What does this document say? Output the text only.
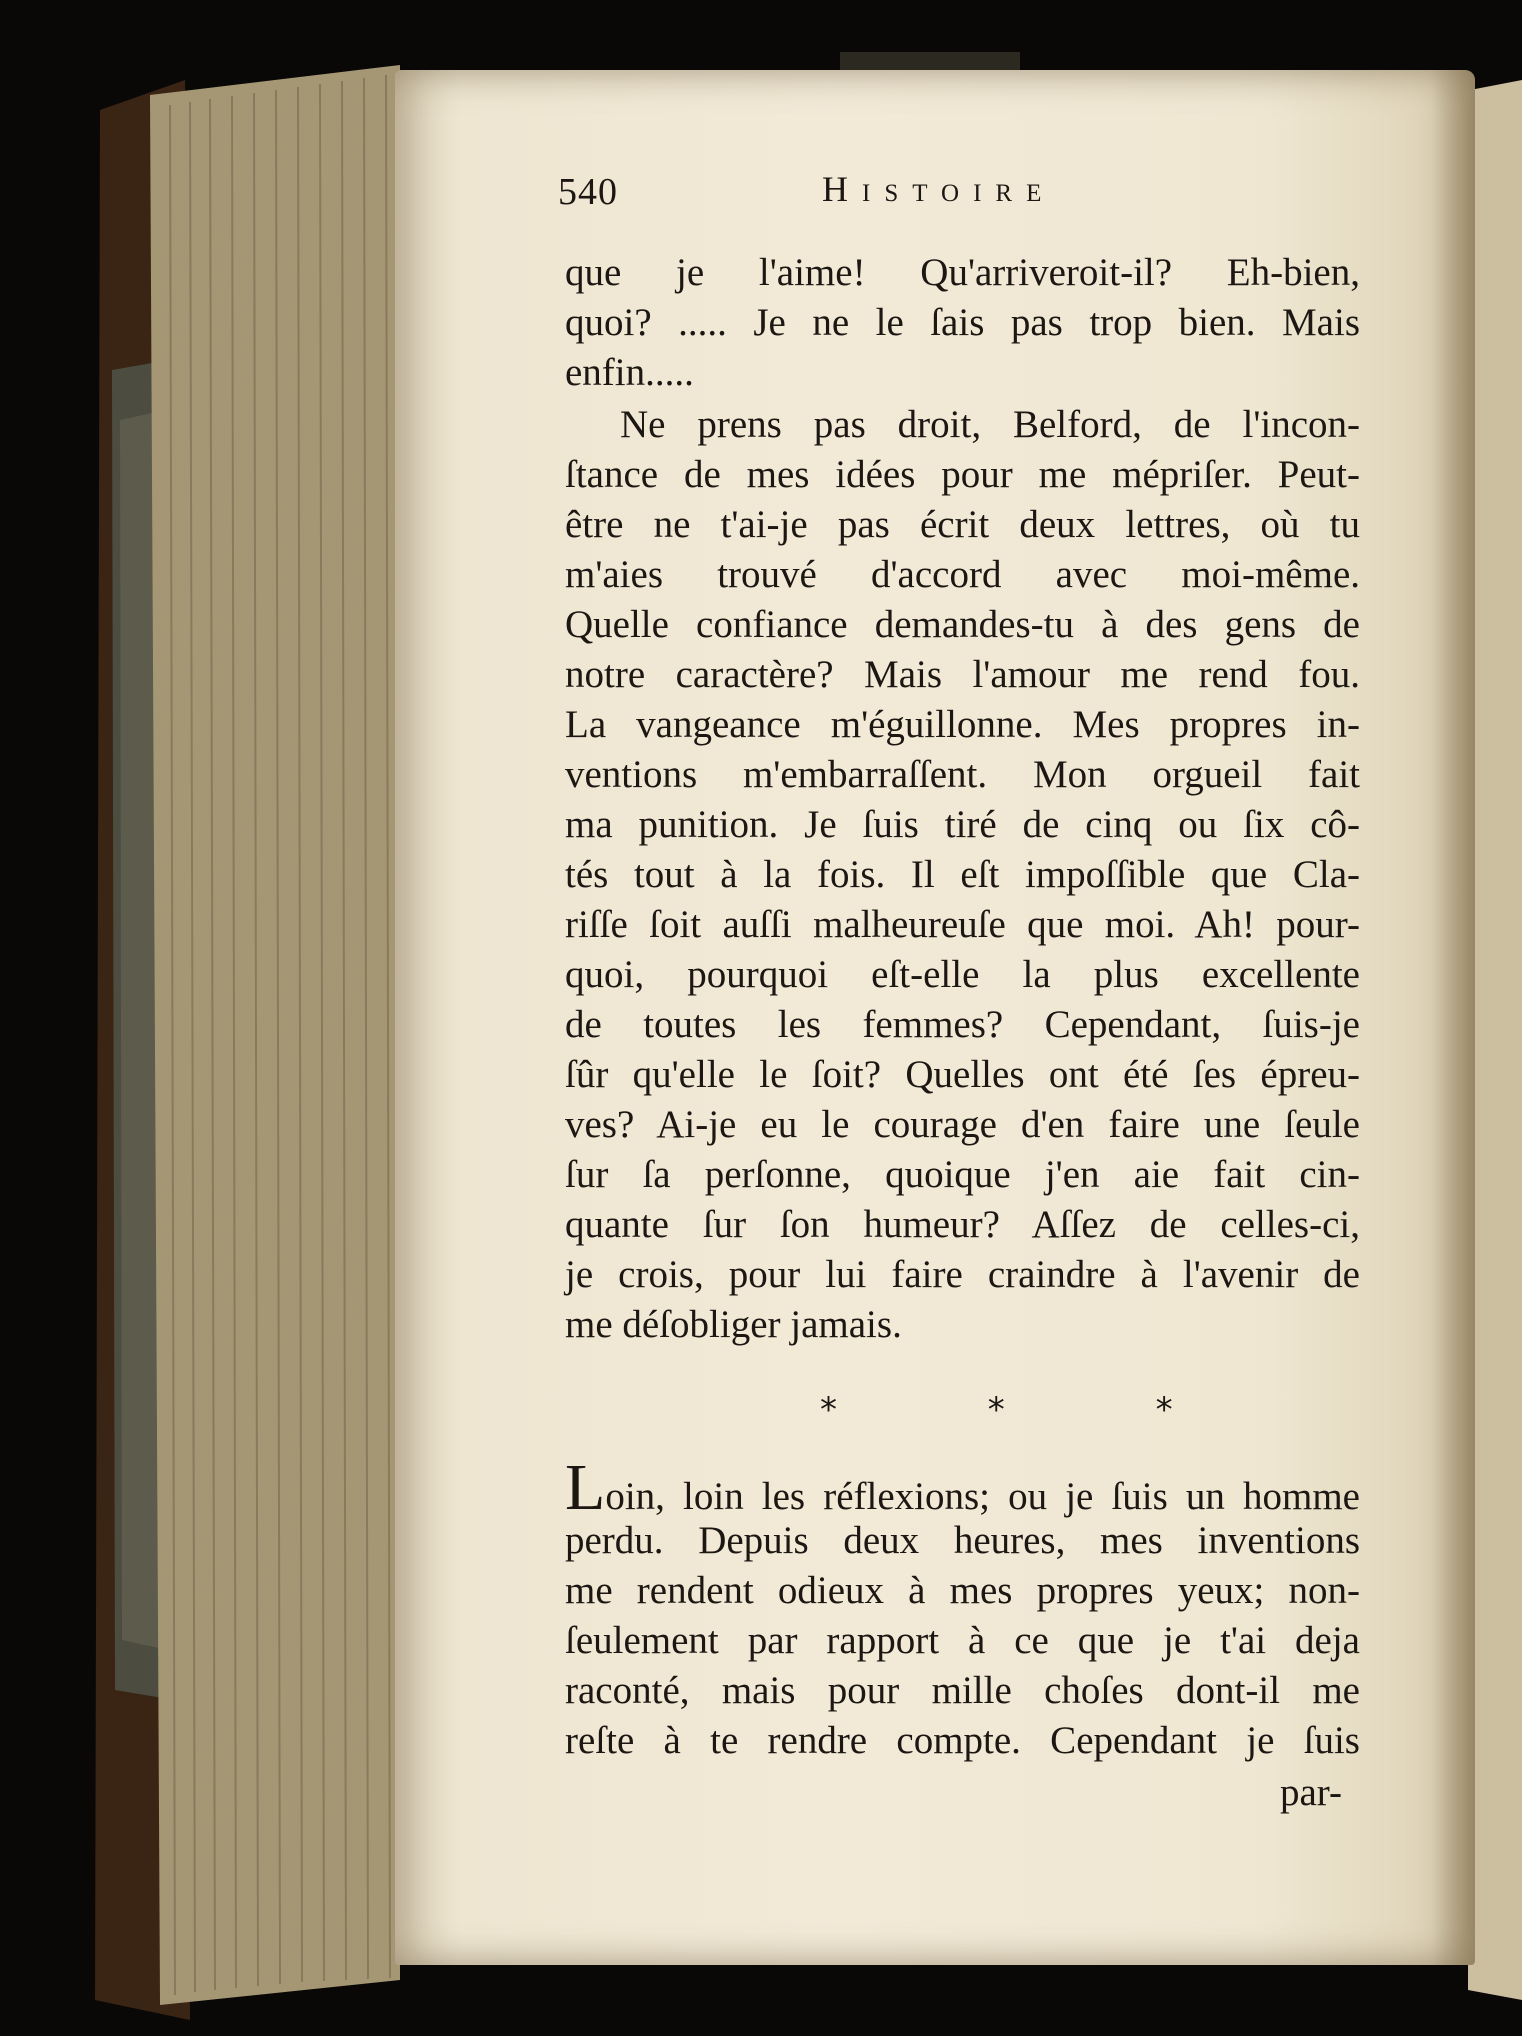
540	Histoire
que je l'aime! Qu'arriveroit-il? Eh-bien,
quoi? ..... Je ne le ſais pas trop bien. Mais
enfin.....
Ne prens pas droit, Belford, de l'incon-
ſtance de mes idées pour me mépriſer. Peut-
être ne t'ai-je pas écrit deux lettres, où tu
m'aies trouvé d'accord avec moi-même.
Quelle confiance demandes-tu à des gens de
notre caractère? Mais l'amour me rend fou.
La vangeance m'éguillonne. Mes propres in-
ventions m'embarraſſent. Mon orgueil fait
ma punition. Je ſuis tiré de cinq ou ſix cô-
tés tout à la fois. Il eſt impoſſible que Cla-
riſſe ſoit auſſi malheureuſe que moi. Ah! pour-
quoi, pourquoi eſt-elle la plus excellente
de toutes les femmes? Cependant, ſuis-je
ſûr qu'elle le ſoit? Quelles ont été ſes épreu-
ves? Ai-je eu le courage d'en faire une ſeule
ſur ſa perſonne, quoique j'en aie fait cin-
quante ſur ſon humeur? Aſſez de celles-ci,
je crois, pour lui faire craindre à l'avenir de
me déſobliger jamais.
* * *
Loin, loin les réflexions; ou je ſuis un homme
perdu. Depuis deux heures, mes inventions
me rendent odieux à mes propres yeux; non-
ſeulement par rapport à ce que je t'ai deja
raconté, mais pour mille choſes dont-il me
reſte à te rendre compte. Cependant je ſuis
par-
